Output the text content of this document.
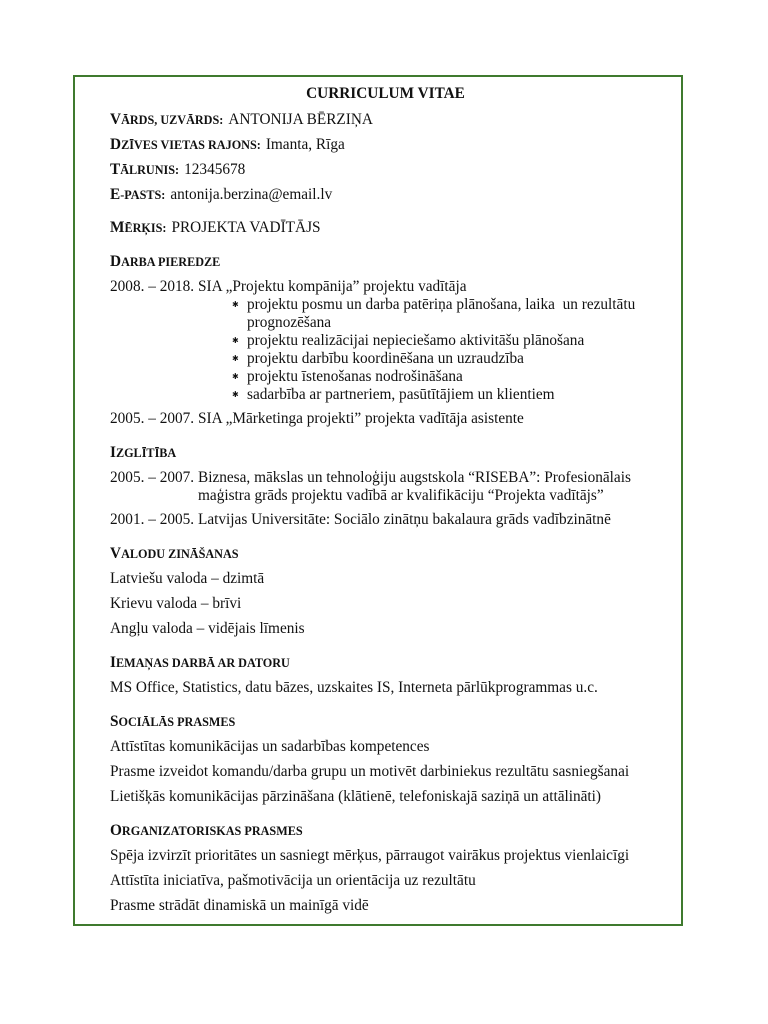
CURRICULUM VITAE
VĀRDS, UZVĀRDS: ANTONIJA BĒRZIŅA
DZĪVES VIETAS RAJONS: Imanta, Rīga
TĀLRUNIS: 12345678
E-PASTS: antonija.berzina@email.lv
MĒRĶIS: PROJEKTA VADĪTĀJS
DARBA PIEREDZE
2008. – 2018. SIA „Projektu kompānija” projektu vadītāja
✱
projektu posmu un darba patēriņa plānošana, laika  un rezultātu prognozēšana
✱
projektu realizācijai nepieciešamo aktivitāšu plānošana
✱
projektu darbību koordinēšana un uzraudzība
✱
projektu īstenošanas nodrošināšana
✱
sadarbība ar partneriem, pasūtītājiem un klientiem
2005. – 2007. SIA „Mārketinga projekti” projekta vadītāja asistente
IZGLĪTĪBA
2005. – 2007. Biznesa, mākslas un tehnoloģiju augstskola “RISEBA”: Profesionālais maģistra grāds projektu vadībā ar kvalifikāciju “Projekta vadītājs”
2001. – 2005. Latvijas Universitāte: Sociālo zinātņu bakalaura grāds vadībzinātnē
VALODU ZINĀŠANAS
Latviešu valoda – dzimtā
Krievu valoda – brīvi
Angļu valoda – vidējais līmenis
IEMAŅAS DARBĀ AR DATORU
MS Office, Statistics, datu bāzes, uzskaites IS, Interneta pārlūkprogrammas u.c.
SOCIĀLĀS PRASMES
Attīstītas komunikācijas un sadarbības kompetences
Prasme izveidot komandu/darba grupu un motivēt darbiniekus rezultātu sasniegšanai
Lietišķās komunikācijas pārzināšana (klātienē, telefoniskajā saziņā un attālināti)
ORGANIZATORISKAS PRASMES
Spēja izvirzīt prioritātes un sasniegt mērķus, pārraugot vairākus projektus vienlaicīgi
Attīstīta iniciatīva, pašmotivācija un orientācija uz rezultātu
Prasme strādāt dinamiskā un mainīgā vidē
